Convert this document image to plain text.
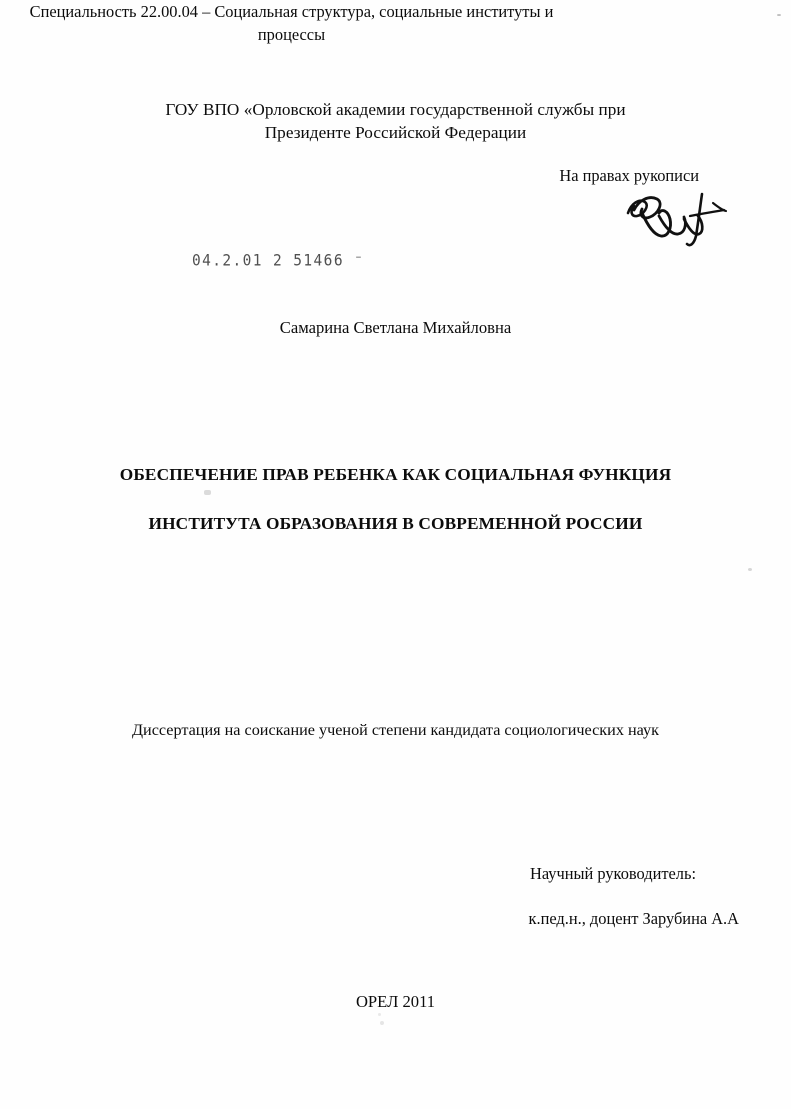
ГОУ ВПО «Орловской академии государственной службы при
Президенте Российской Федерации
На правах рукописи
04.2.01 2 51466 ⁻
Самарина Светлана Михайловна
ОБЕСПЕЧЕНИЕ ПРАВ РЕБЕНКА КАК СОЦИАЛЬНАЯ ФУНКЦИЯ
ИНСТИТУТА ОБРАЗОВАНИЯ В СОВРЕМЕННОЙ РОССИИ
Специальность 22.00.04 – Социальная структура, социальные институты и процессы
Диссертация на соискание ученой степени кандидата социологических наук
Научный руководитель:
к.пед.н., доцент Зарубина А.А
ОРЕЛ 2011
